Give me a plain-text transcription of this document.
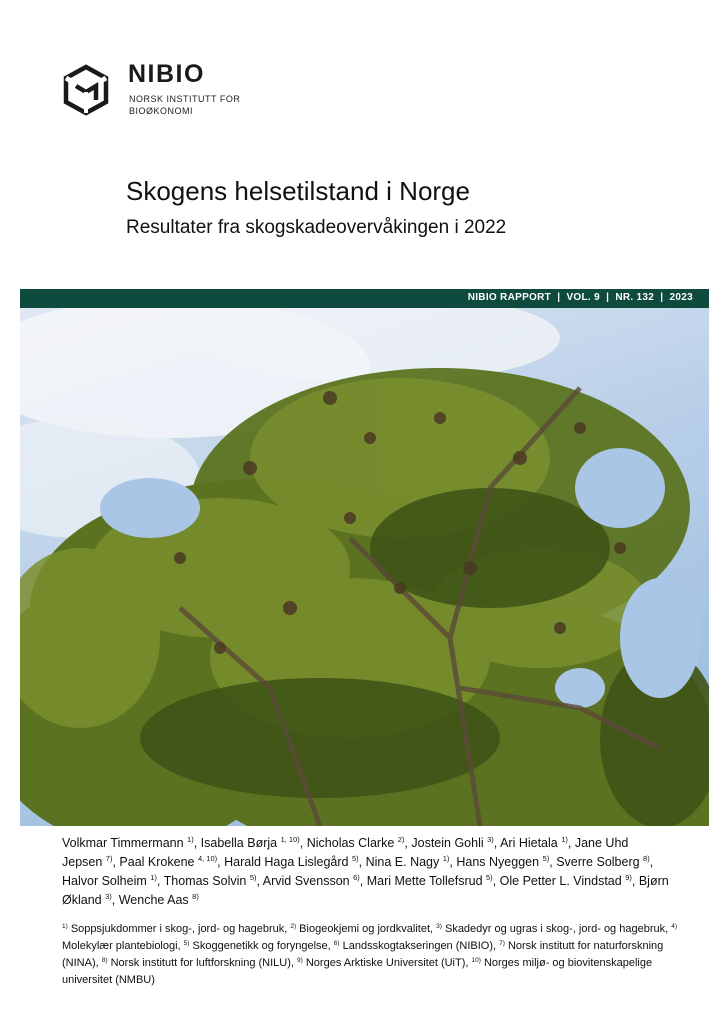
NIBIO
NORSK INSTITUTT FOR
BIOØKONOMI
Skogens helsetilstand i Norge
Resultater fra skogskadeovervåkingen i 2022
NIBIO RAPPORT  |  VOL. 9  |  NR. 132  |  2023
Volkmar Timmermann $^{1)}$, Isabella Børja $^{1, 10)}$, Nicholas Clarke $^{2)}$, Jostein Gohli $^{3)}$, Ari Hietala $^{1)}$, Jane Uhd Jepsen $^{7)}$, Paal Krokene $^{4, 10)}$, Harald Haga Lislegård $^{5)}$, Nina E. Nagy $^{1)}$, Hans Nyeggen $^{5)}$, Sverre Solberg $^{8)}$, Halvor Solheim $^{1)}$, Thomas Solvin $^{5)}$, Arvid Svensson $^{6)}$, Mari Mette Tollefsrud $^{5)}$, Ole Petter L. Vindstad $^{9)}$, Bjørn Økland $^{3)}$, Wenche Aas $^{8)}$
$^{1)}$ Soppsjukdommer i skog-, jord- og hagebruk, $^{2)}$ Biogeokjemi og jordkvalitet, $^{3)}$ Skadedyr og ugras i skog-, jord- og hagebruk, $^{4)}$ Molekylær plantebiologi, $^{5)}$ Skoggenetikk og foryngelse, $^{6)}$ Landsskogtakseringen (NIBIO), $^{7)}$ Norsk institutt for naturforskning (NINA), $^{8)}$ Norsk institutt for luftforskning (NILU), $^{9)}$ Norges Arktiske Universitet (UiT), $^{10)}$ Norges miljø- og biovitenskapelige universitet (NMBU)
